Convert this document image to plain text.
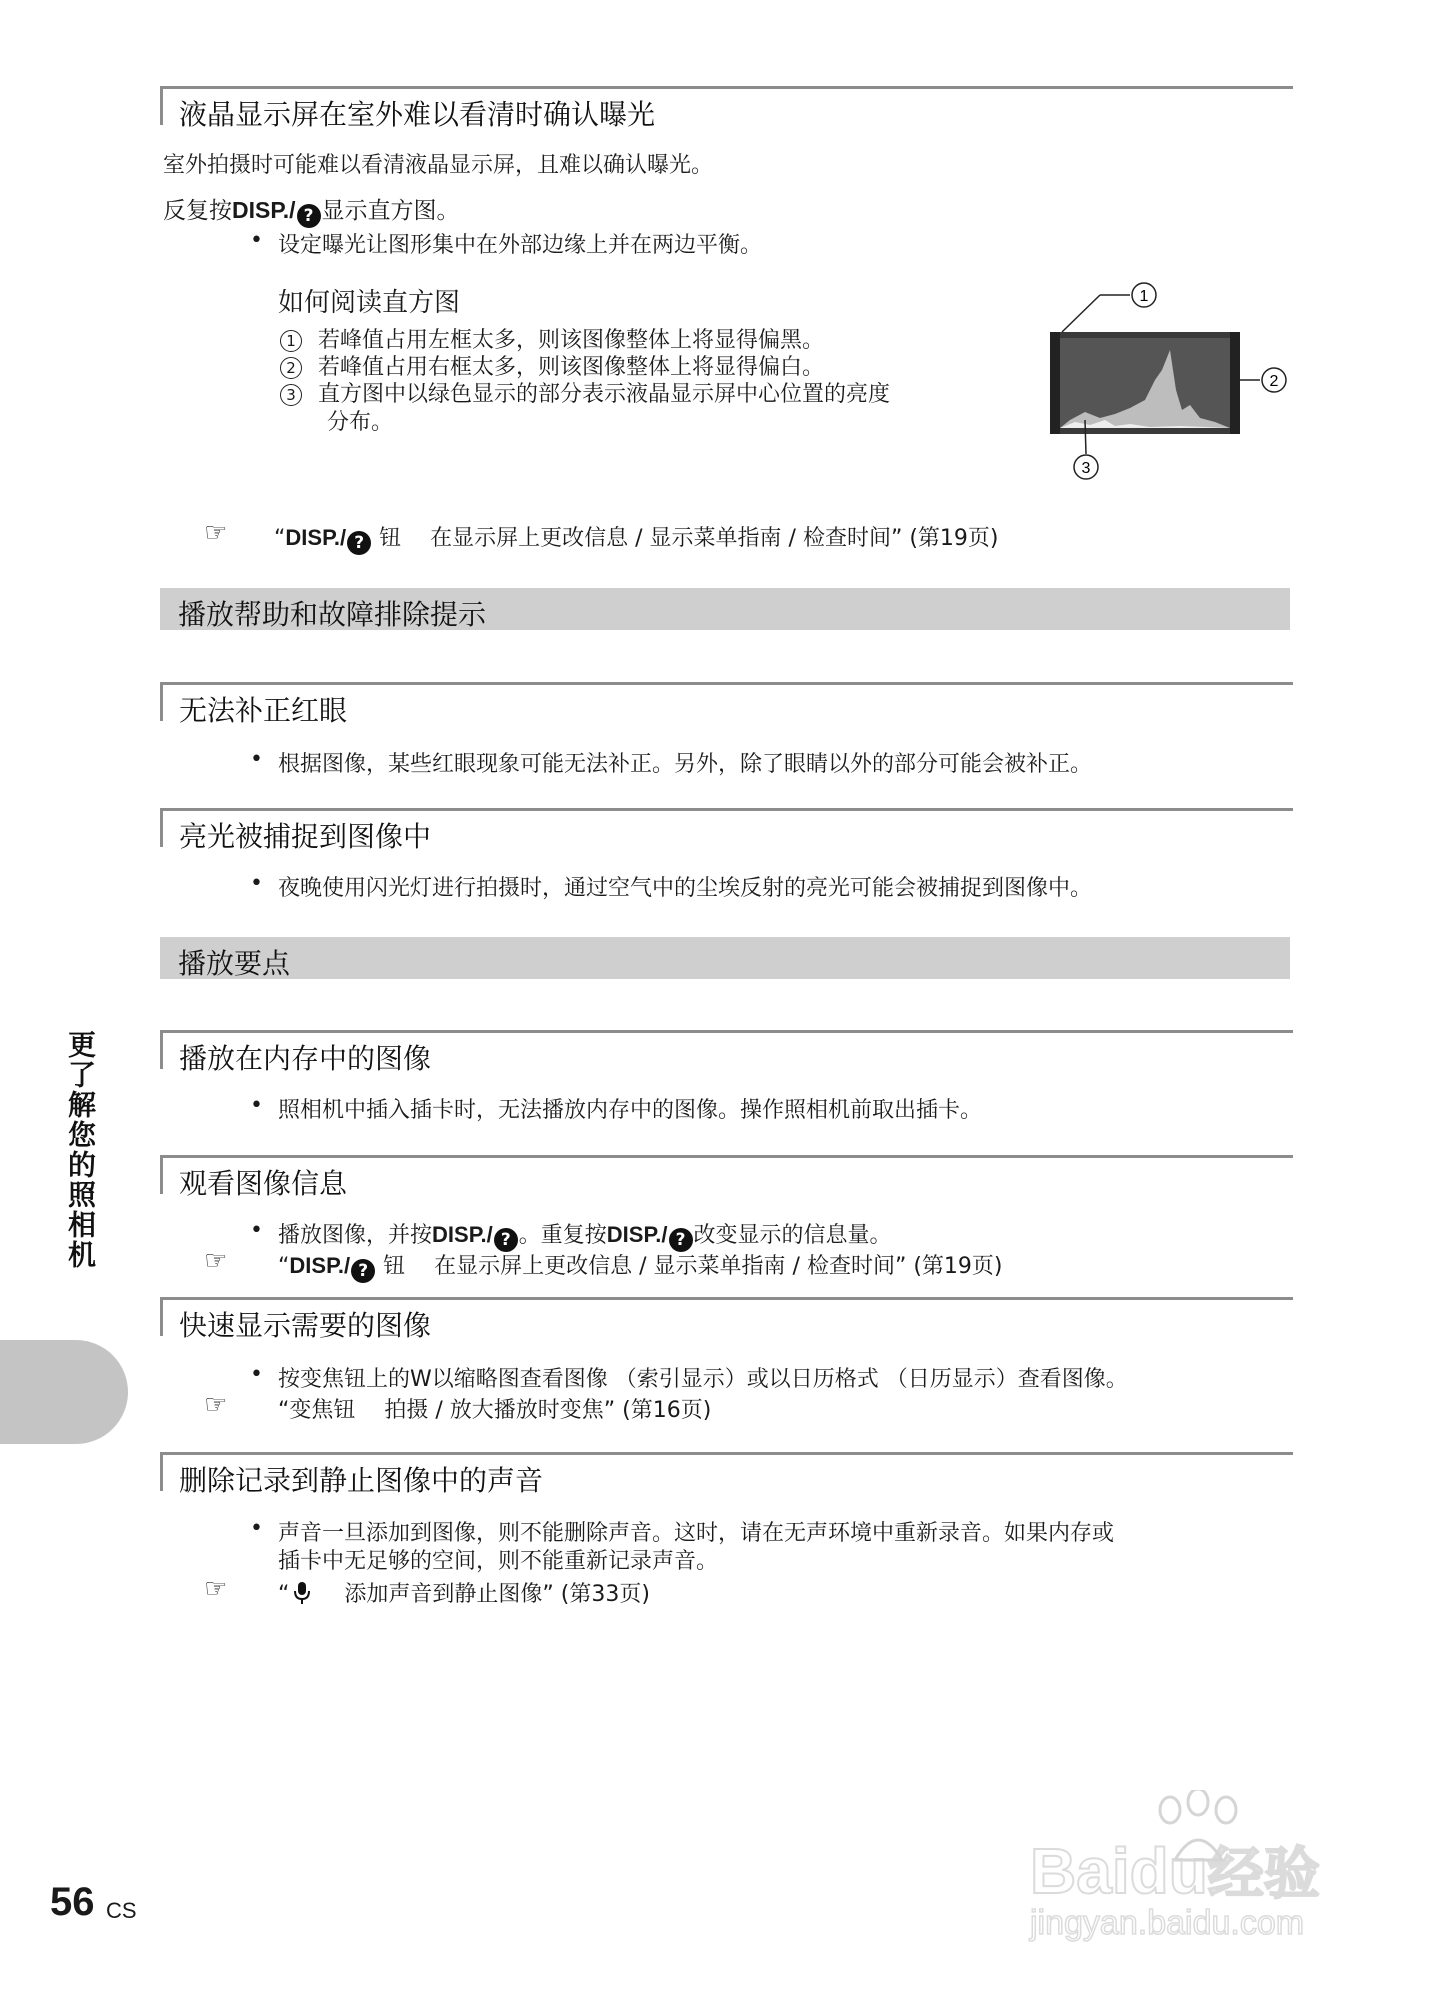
液晶显示屏在室外难以看清时确认曝光
室外拍摄时可能难以看清液晶显示屏，且难以确认曝光。
反复按DISP./ ? 显示直方图。
• 设定曝光让图形集中在外部边缘上并在两边平衡。
如何阅读直方图
1 若峰值占用左框太多，则该图像整体上将显得偏黑。
2 若峰值占用右框太多，则该图像整体上将显得偏白。
3 直方图中以绿色显示的部分表示液晶显示屏中心位置的亮度
分布。
1
2
3
☞ “DISP./ ? 钮　 在显示屏上更改信息 / 显示菜单指南 / 检查时间” (第19页)
播放帮助和故障排除提示
无法补正红眼
• 根据图像，某些红眼现象可能无法补正。另外，除了眼睛以外的部分可能会被补正。
亮光被捕捉到图像中
• 夜晚使用闪光灯进行拍摄时，通过空气中的尘埃反射的亮光可能会被捕捉到图像中。
播放要点
播放在内存中的图像
• 照相机中插入插卡时，无法播放内存中的图像。操作照相机前取出插卡。
观看图像信息
• 播放图像，并按DISP./ ? 。重复按DISP./ ? 改变显示的信息量。
☞ “DISP./ ? 钮　 在显示屏上更改信息 / 显示菜单指南 / 检查时间” (第19页)
快速显示需要的图像
• 按变焦钮上的W以缩略图查看图像 （索引显示）或以日历格式 （日历显示）查看图像。
☞ “变焦钮　 拍摄 / 放大播放时变焦” (第16页)
删除记录到静止图像中的声音
• 声音一旦添加到图像，则不能删除声音。这时，请在无声环境中重新录音。如果内存或
插卡中无足够的空间，则不能重新记录声音。
☞ “　 添加声音到静止图像” (第33页)
更了解您的照相机
56 CS
Baidu经验
jingyan.baidu.com
